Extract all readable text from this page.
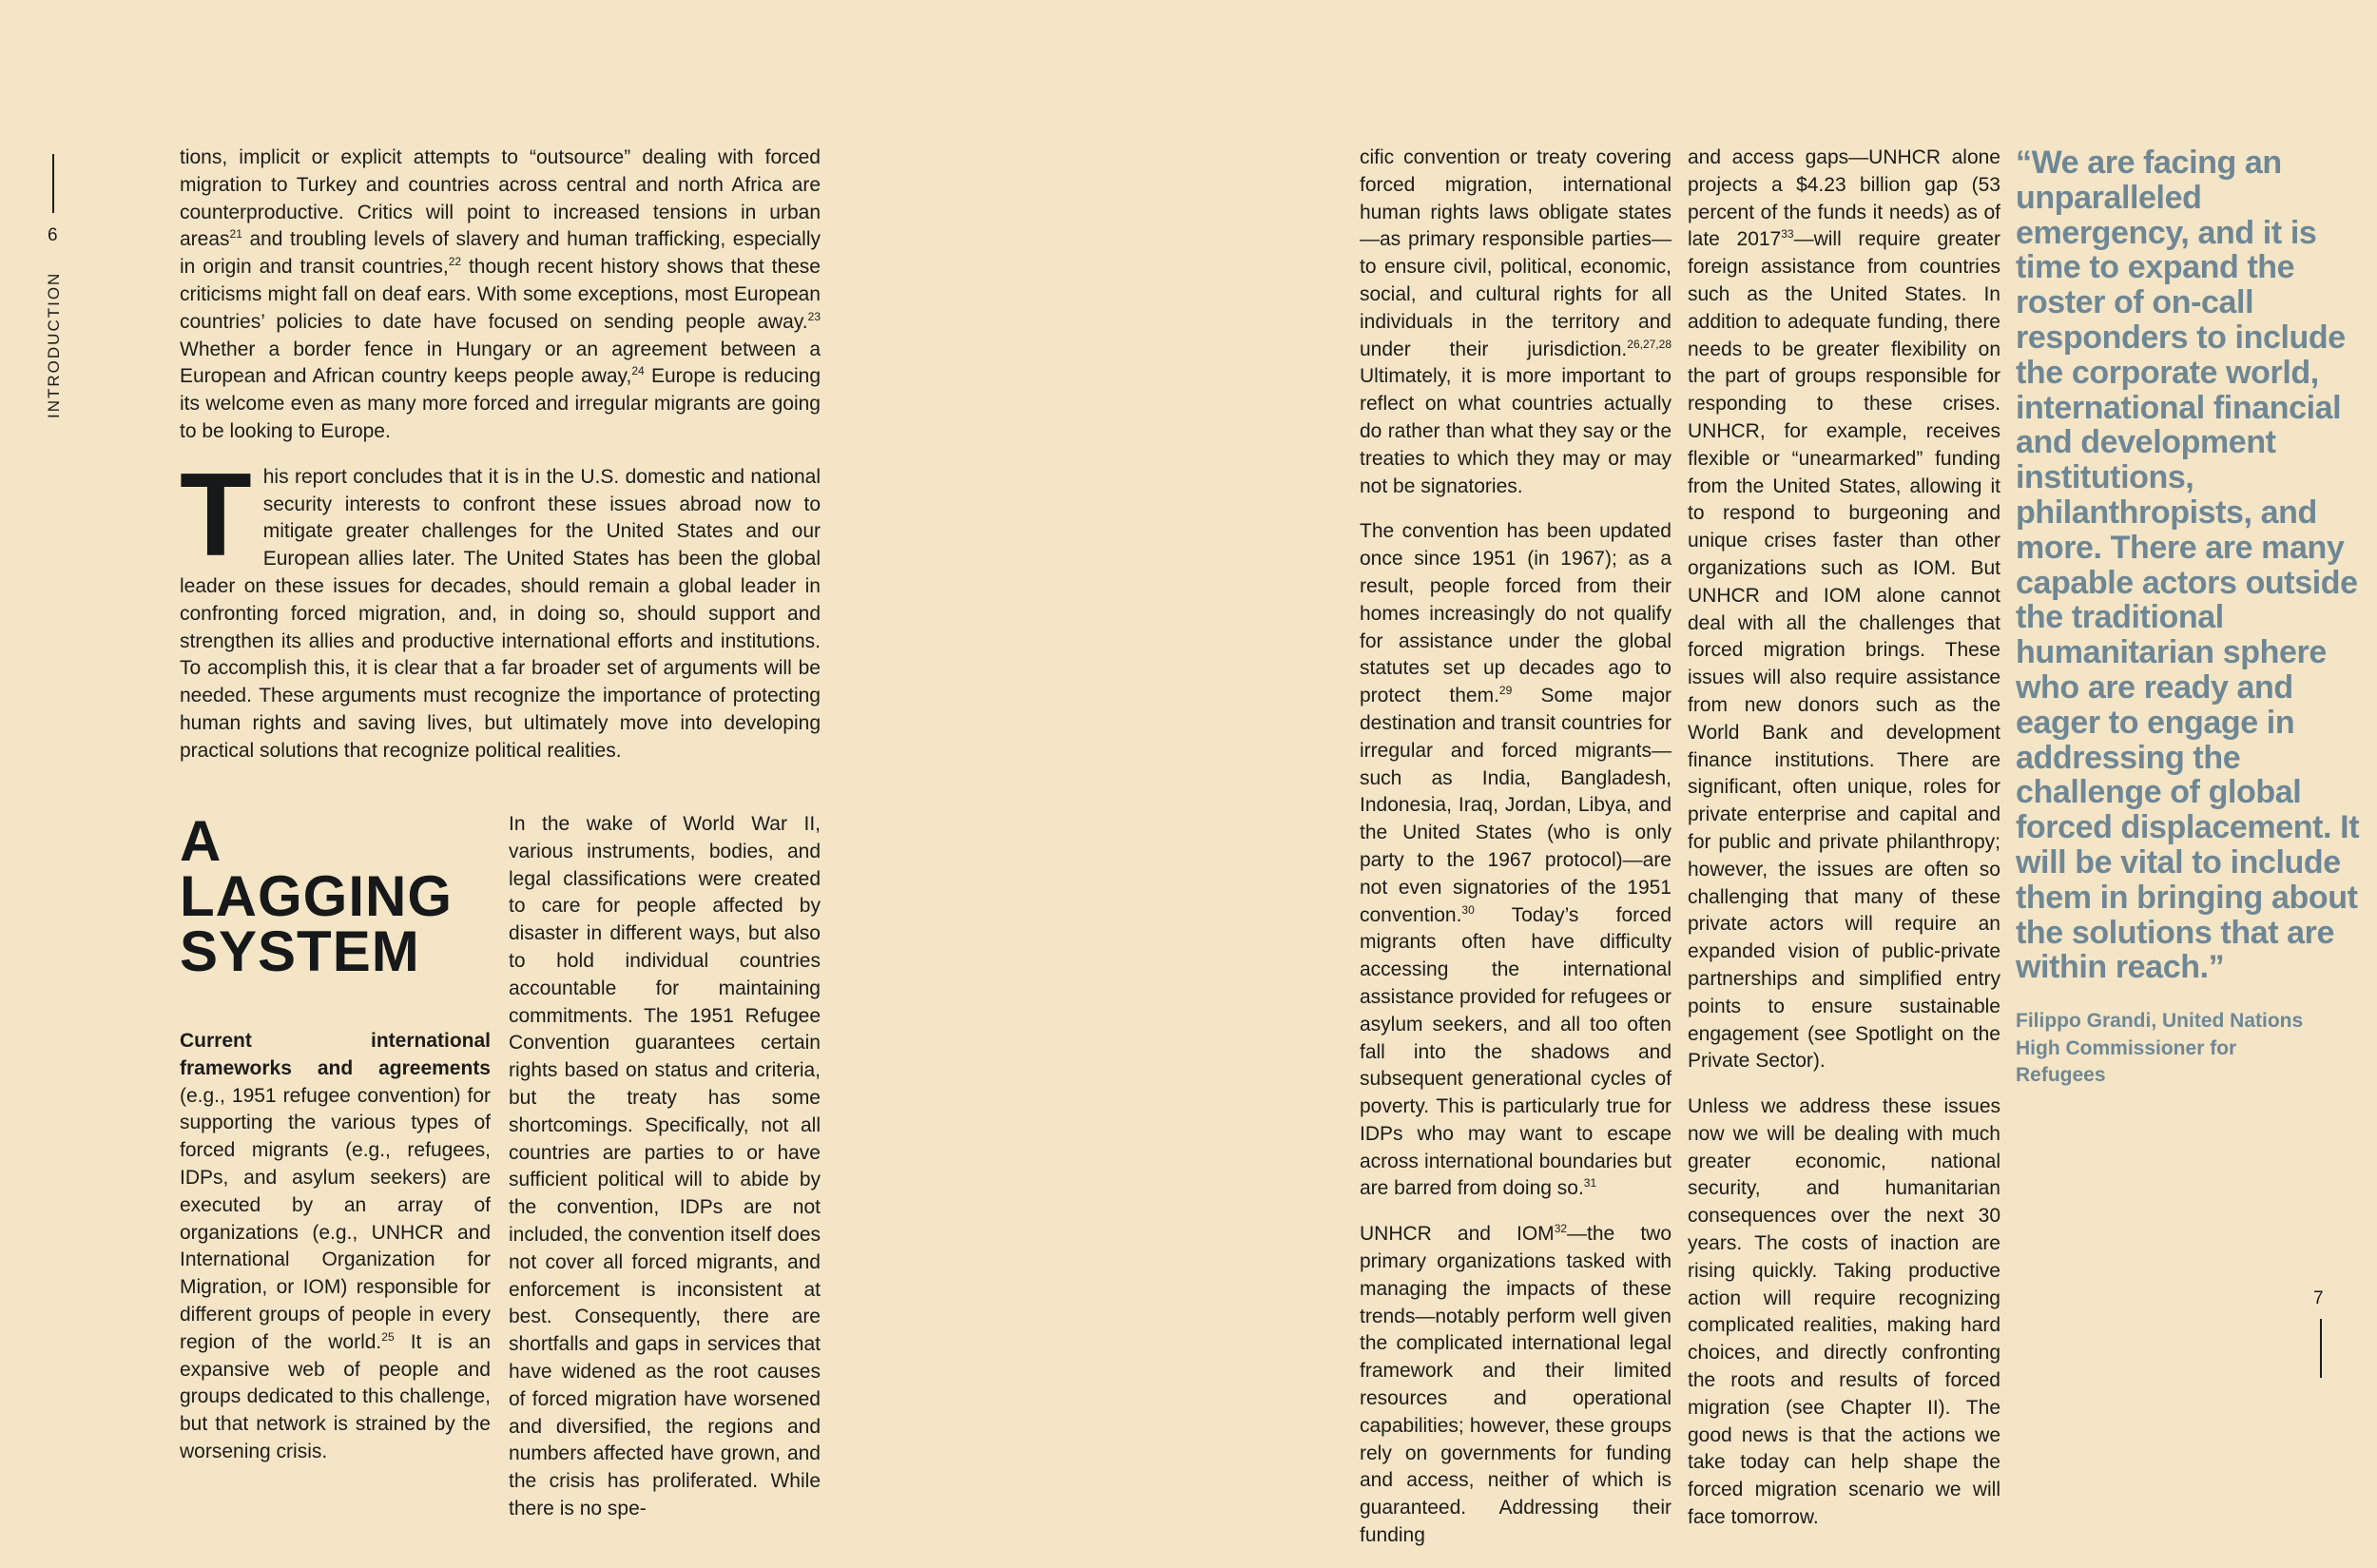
6
INTRODUCTION

tions, implicit or explicit attempts to “outsource” dealing with forced migration to Turkey and countries across central and north Africa are counterproductive. Critics will point to increased tensions in urban areas$^{21}$ and troubling levels of slavery and human trafficking, especially in origin and transit countries,$^{22}$ though recent history shows that these criticisms might fall on deaf ears. With some exceptions, most European countries’ policies to date have focused on sending people away.$^{23}$ Whether a border fence in Hungary or an agreement between a European and African country keeps people away,$^{24}$ Europe is reducing its welcome even as many more forced and irregular migrants are going to be looking to Europe.

This report concludes that it is in the U.S. domestic and national security interests to confront these issues abroad now to mitigate greater challenges for the United States and our European allies later. The United States has been the global leader on these issues for decades, should remain a global leader in confronting forced migration, and, in doing so, should support and strengthen its allies and productive international efforts and institutions. To accomplish this, it is clear that a far broader set of arguments will be needed. These arguments must recognize the importance of protecting human rights and saving lives, but ultimately move into developing practical solutions that recognize political realities.

A
LAGGING
SYSTEM

Current international frameworks and agreements (e.g., 1951 refugee convention) for supporting the various types of forced migrants (e.g., refugees, IDPs, and asylum seekers) are executed by an array of organizations (e.g., UNHCR and International Organization for Migration, or IOM) responsible for different groups of people in every region of the world.$^{25}$ It is an expansive web of people and groups dedicated to this challenge, but that network is strained by the worsening crisis.

In the wake of World War II, various instruments, bodies, and legal classifications were created to care for people affected by disaster in different ways, but also to hold individual countries accountable for maintaining commitments. The 1951 Refugee Convention guarantees certain rights based on status and criteria, but the treaty has some shortcomings. Specifically, not all countries are parties to or have sufficient political will to abide by the convention, IDPs are not included, the convention itself does not cover all forced migrants, and enforcement is inconsistent at best. Consequently, there are shortfalls and gaps in services that have widened as the root causes of forced migration have worsened and diversified, the regions and numbers affected have grown, and the crisis has proliferated. While there is no spe-

cific convention or treaty covering forced migration, international human rights laws obligate states—as primary responsible parties—to ensure civil, political, economic, social, and cultural rights for all individuals in the territory and under their jurisdiction.$^{26,27,28}$ Ultimately, it is more important to reflect on what countries actually do rather than what they say or the treaties to which they may or may not be signatories.

The convention has been updated once since 1951 (in 1967); as a result, people forced from their homes increasingly do not qualify for assistance under the global statutes set up decades ago to protect them.$^{29}$ Some major destination and transit countries for irregular and forced migrants—such as India, Bangladesh, Indonesia, Iraq, Jordan, Libya, and the United States (who is only party to the 1967 protocol)—are not even signatories of the 1951 convention.$^{30}$ Today’s forced migrants often have difficulty accessing the international assistance provided for refugees or asylum seekers, and all too often fall into the shadows and subsequent generational cycles of poverty. This is particularly true for IDPs who may want to escape across international boundaries but are barred from doing so.$^{31}$

UNHCR and IOM$^{32}$—the two primary organizations tasked with managing the impacts of these trends—notably perform well given the complicated international legal framework and their limited resources and operational capabilities; however, these groups rely on governments for funding and access, neither of which is guaranteed. Addressing their funding

and access gaps—UNHCR alone projects a $4.23 billion gap (53 percent of the funds it needs) as of late 2017$^{33}$—will require greater foreign assistance from countries such as the United States. In addition to adequate funding, there needs to be greater flexibility on the part of groups responsible for responding to these crises. UNHCR, for example, receives flexible or “unearmarked” funding from the United States, allowing it to respond to burgeoning and unique crises faster than other organizations such as IOM. But UNHCR and IOM alone cannot deal with all the challenges that forced migration brings. These issues will also require assistance from new donors such as the World Bank and development finance institutions. There are significant, often unique, roles for private enterprise and capital and for public and private philanthropy; however, the issues are often so challenging that many of these private actors will require an expanded vision of public-private partnerships and simplified entry points to ensure sustainable engagement (see Spotlight on the Private Sector).

Unless we address these issues now we will be dealing with much greater economic, national security, and humanitarian consequences over the next 30 years. The costs of inaction are rising quickly. Taking productive action will require recognizing complicated realities, making hard choices, and directly confronting the roots and results of forced migration (see Chapter II). The good news is that the actions we take today can help shape the forced migration scenario we will face tomorrow.

“We are facing an unparalleled emergency, and it is time to expand the roster of on-call responders to include the corporate world, international financial and development institutions, philanthropists, and more. There are many capable actors outside the traditional humanitarian sphere who are ready and eager to engage in addressing the challenge of global forced displacement. It will be vital to include them in bringing about the solutions that are within reach.”

Filippo Grandi, United Nations High Commissioner for Refugees

7
